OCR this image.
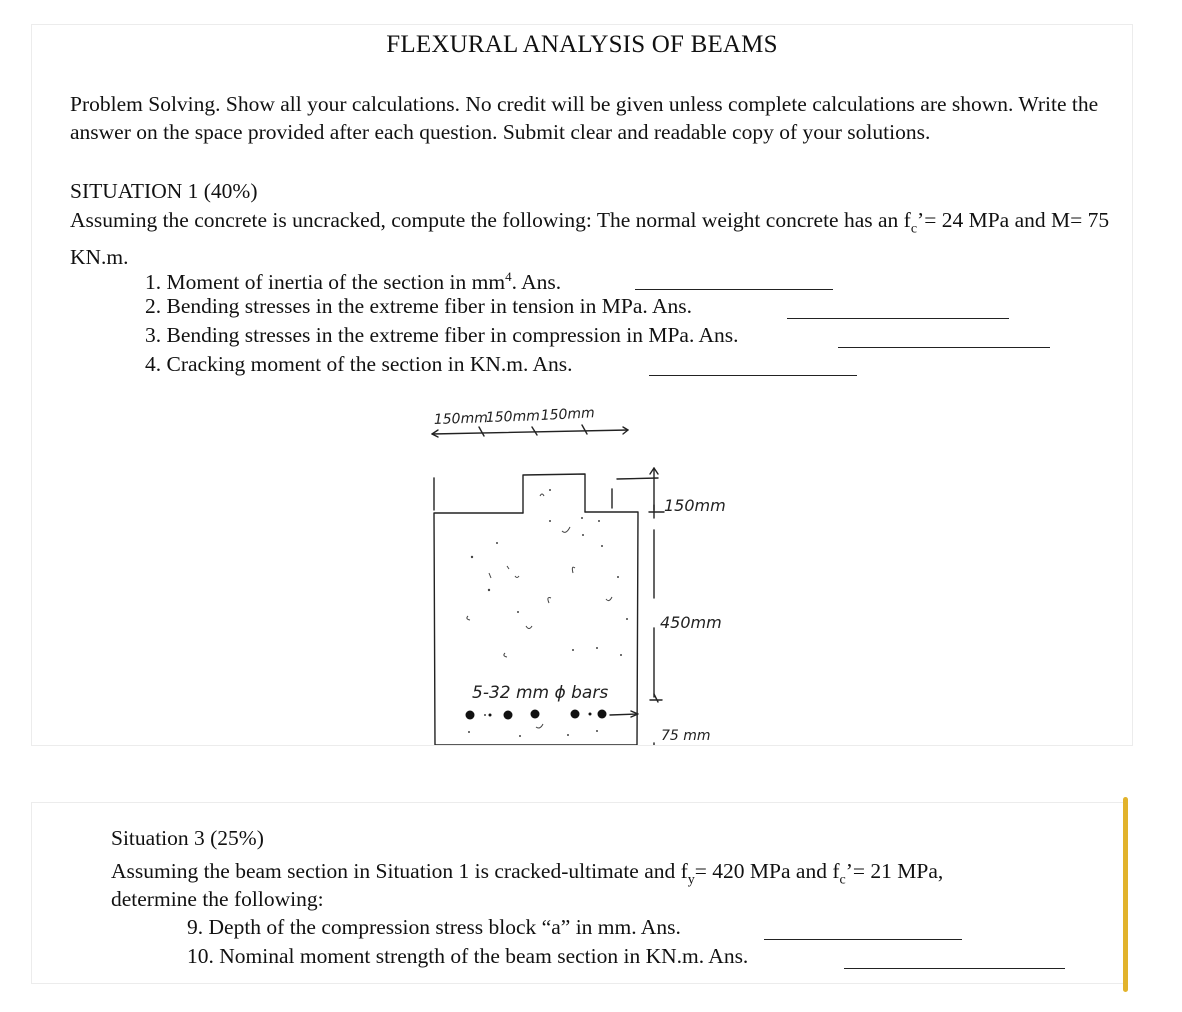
FLEXURAL ANALYSIS OF BEAMS

Problem Solving. Show all your calculations. No credit will be given unless complete calculations are shown. Write the answer on the space provided after each question. Submit clear and readable copy of your solutions.

SITUATION 1 (40%)
Assuming the concrete is uncracked, compute the following: The normal weight concrete has an $f_c’= 24$ MPa and M= 75 KN.m.
1. Moment of inertia of the section in $mm^4$. Ans.
2. Bending stresses in the extreme fiber in tension in MPa. Ans.
3. Bending stresses in the extreme fiber in compression in MPa. Ans.
4. Cracking moment of the section in KN.m. Ans.
150mm
150mm 150mm
150mm
450mm
75 mm
5-32 mm ϕ bars
Situation 3 (25%)
Assuming the beam section in Situation 1 is cracked-ultimate and $f_y= 420$ MPa and $f_c’= 21$ MPa,
determine the following:
9. Depth of the compression stress block “a” in mm. Ans.
10. Nominal moment strength of the beam section in KN.m. Ans.
